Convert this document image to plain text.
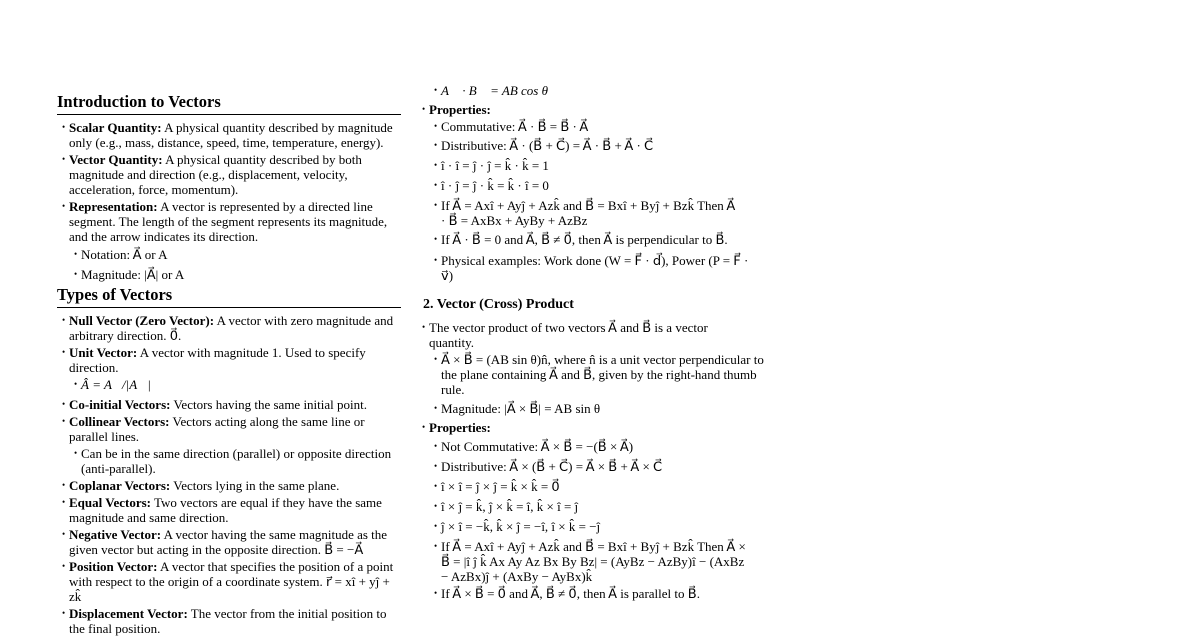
Introduction to Vectors
• Scalar Quantity: A physical quantity described by magnitude only (e.g., mass, distance, speed, time, temperature, energy).
• Vector Quantity: A physical quantity described by both magnitude and direction (e.g., displacement, velocity, acceleration, force, momentum).
• Representation: A vector is represented by a directed line segment. The length of the segment represents its magnitude, and the arrow indicates its direction.
• Notation: A⃗ or A
• Magnitude: |A⃗| or A
Types of Vectors
• Null Vector (Zero Vector): A vector with zero magnitude and arbitrary direction. 0⃗.
• Unit Vector: A vector with magnitude 1. Used to specify direction.
• Â = A⃗/|A⃗|
• Co-initial Vectors: Vectors having the same initial point.
• Collinear Vectors: Vectors acting along the same line or parallel lines.
• Can be in the same direction (parallel) or opposite direction (anti-parallel).
• Coplanar Vectors: Vectors lying in the same plane.
• Equal Vectors: Two vectors are equal if they have the same magnitude and same direction.
• Negative Vector: A vector having the same magnitude as the given vector but acting in the opposite direction. B⃗ = −A⃗
• Position Vector: A vector that specifies the position of a point with respect to the origin of a coordinate system. r⃗ = xî + yĵ + zk̂
• Displacement Vector: The vector from the initial position to the final position.
• A⃗ · B⃗ = AB cos θ
• Properties:
• Commutative: A⃗ · B⃗ = B⃗ · A⃗
• Distributive: A⃗ · (B⃗ + C⃗) = A⃗ · B⃗ + A⃗ · C⃗
• î · î = ĵ · ĵ = k̂ · k̂ = 1
• î · ĵ = ĵ · k̂ = k̂ · î = 0
• If A⃗ = Axî + Ayĵ + Azk̂ and B⃗ = Bxî + Byĵ + Bzk̂ Then A⃗ · B⃗ = AxBx + AyBy + AzBz
• If A⃗ · B⃗ = 0 and A⃗, B⃗ ≠ 0⃗, then A⃗ is perpendicular to B⃗.
• Physical examples: Work done (W = F⃗ · d⃗), Power (P = F⃗ · v⃗)
2. Vector (Cross) Product
• The vector product of two vectors A⃗ and B⃗ is a vector quantity.
• A⃗ × B⃗ = (AB sin θ)n̂, where n̂ is a unit vector perpendicular to the plane containing A⃗ and B⃗, given by the right-hand thumb rule.
• Magnitude: |A⃗ × B⃗| = AB sin θ
• Properties:
• Not Commutative: A⃗ × B⃗ = −(B⃗ × A⃗)
• Distributive: A⃗ × (B⃗ + C⃗) = A⃗ × B⃗ + A⃗ × C⃗
• î × î = ĵ × ĵ = k̂ × k̂ = 0⃗
• î × ĵ = k̂, ĵ × k̂ = î, k̂ × î = ĵ
• ĵ × î = −k̂, k̂ × ĵ = −î, î × k̂ = −ĵ
• If A⃗ = Axî + Ayĵ + Azk̂ and B⃗ = Bxî + Byĵ + Bzk̂ Then A⃗ × B⃗ = |î ĵ k̂ Ax Ay Az Bx By Bz| = (AyBz − AzBy)î − (AxBz − AzBx)ĵ + (AxBy − AyBx)k̂
• If A⃗ × B⃗ = 0⃗ and A⃗, B⃗ ≠ 0⃗, then A⃗ is parallel to B⃗.
